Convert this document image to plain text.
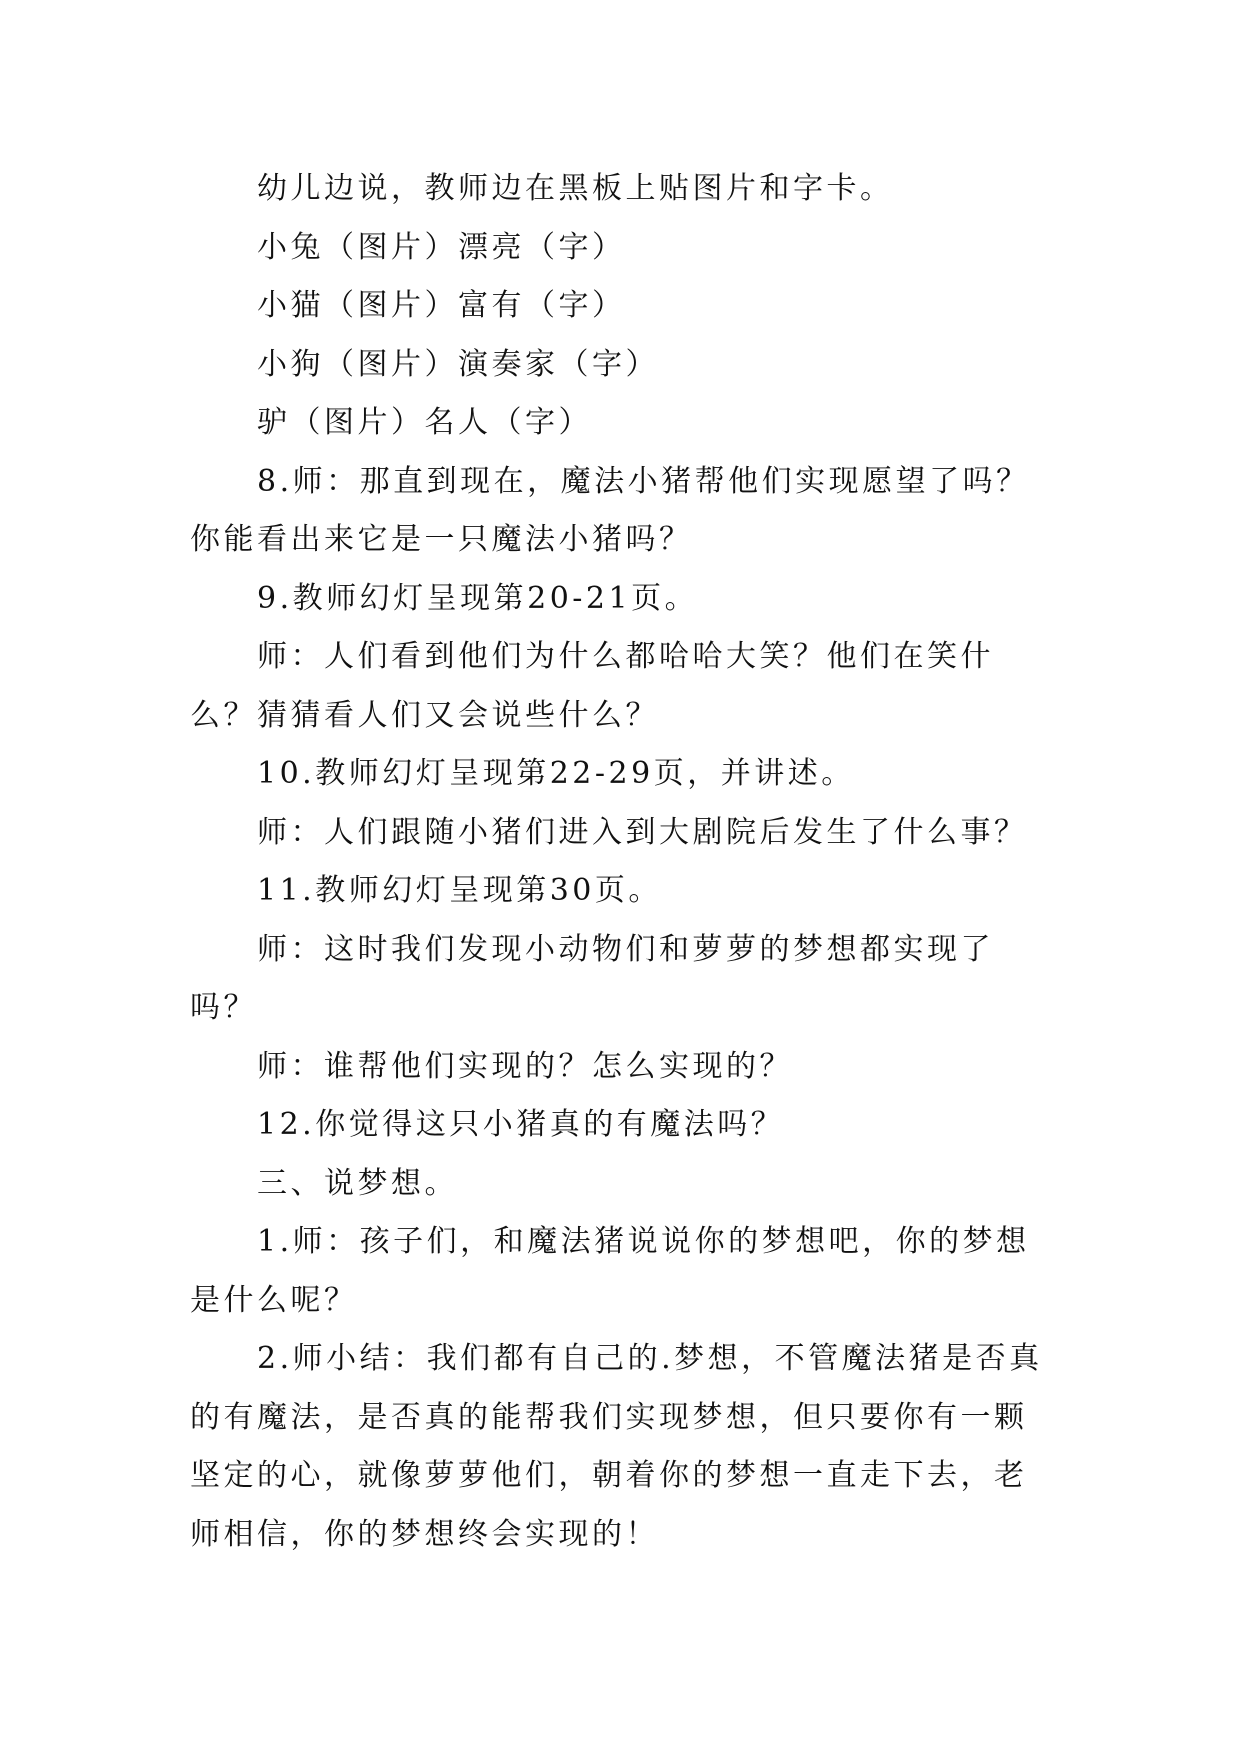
幼儿边说，教师边在黑板上贴图片和字卡。

小兔（图片）漂亮（字）

小猫（图片）富有（字）

小狗（图片）演奏家（字）

驴（图片）名人（字）

8.师：那直到现在，魔法小猪帮他们实现愿望了吗？你能看出来它是一只魔法小猪吗？

9.教师幻灯呈现第20-21页。

师：人们看到他们为什么都哈哈大笑？他们在笑什么？猜猜看人们又会说些什么？

10.教师幻灯呈现第22-29页，并讲述。

师：人们跟随小猪们进入到大剧院后发生了什么事？

11.教师幻灯呈现第30页。

师：这时我们发现小动物们和萝萝的梦想都实现了吗？

师：谁帮他们实现的？怎么实现的？

12.你觉得这只小猪真的有魔法吗？

三、说梦想。

1.师：孩子们，和魔法猪说说你的梦想吧，你的梦想是什么呢？

2.师小结：我们都有自己的.梦想，不管魔法猪是否真的有魔法，是否真的能帮我们实现梦想，但只要你有一颗坚定的心，就像萝萝他们，朝着你的梦想一直走下去，老师相信，你的梦想终会实现的！
